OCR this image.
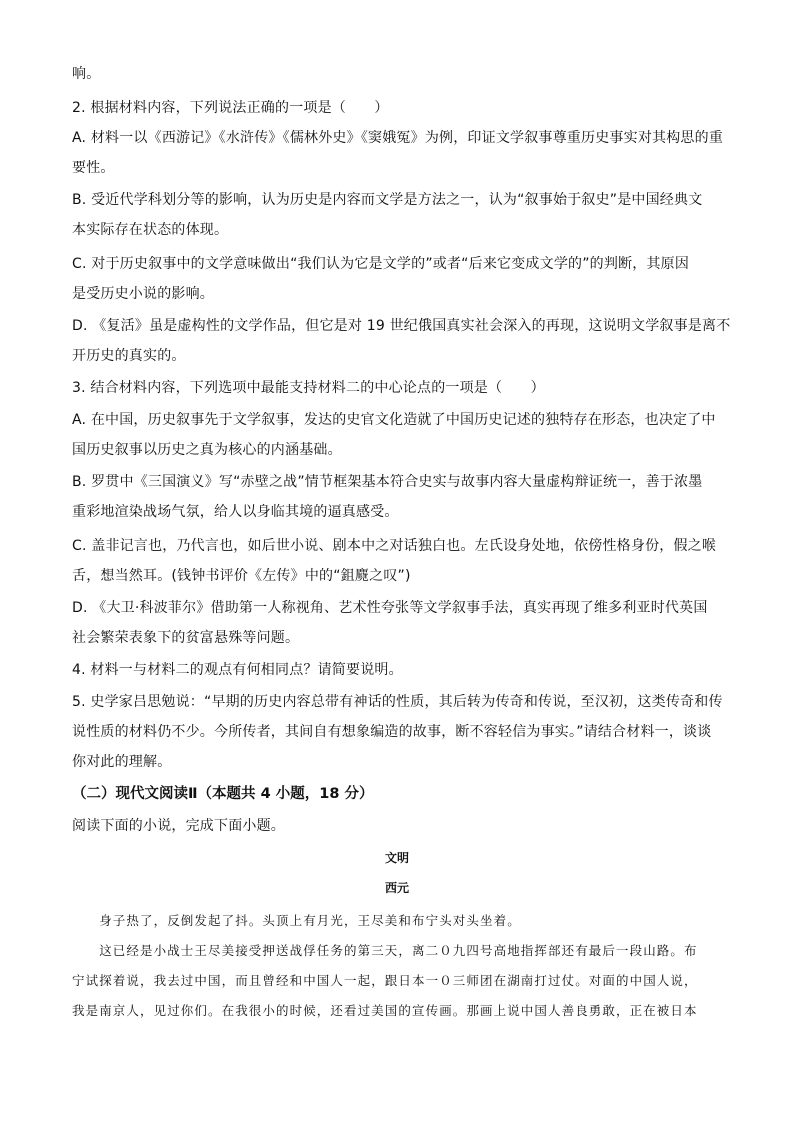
响。
2. 根据材料内容，下列说法正确的一项是（　　）
A. 材料一以《西游记》《水浒传》《儒林外史》《窦娥冤》为例，印证文学叙事尊重历史事实对其构思的重
要性。
B. 受近代学科划分等的影响，认为历史是内容而文学是方法之一，认为“叙事始于叙史”是中国经典文
本实际存在状态的体现。
C. 对于历史叙事中的文学意味做出“我们认为它是文学的”或者“后来它变成文学的”的判断，其原因
是受历史小说的影响。
D. 《复活》虽是虚构性的文学作品，但它是对 19 世纪俄国真实社会深入的再现，这说明文学叙事是离不
开历史的真实的。
3. 结合材料内容，下列选项中最能支持材料二的中心论点的一项是（　　）
A. 在中国，历史叙事先于文学叙事，发达的史官文化造就了中国历史记述的独特存在形态，也决定了中
国历史叙事以历史之真为核心的内涵基础。
B. 罗贯中《三国演义》写“赤壁之战”情节框架基本符合史实与故事内容大量虚构辩证统一，善于浓墨
重彩地渲染战场气氛，给人以身临其境的逼真感受。
C. 盖非记言也，乃代言也，如后世小说、剧本中之对话独白也。左氏设身处地，依傍性格身份，假之喉
舌，想当然耳。(钱钟书评价《左传》中的“鉏麑之叹”)
D. 《大卫·科波菲尔》借助第一人称视角、艺术性夸张等文学叙事手法，真实再现了维多利亚时代英国
社会繁荣表象下的贫富悬殊等问题。
4. 材料一与材料二的观点有何相同点？请简要说明。
5. 史学家吕思勉说：“早期的历史内容总带有神话的性质，其后转为传奇和传说，至汉初，这类传奇和传
说性质的材料仍不少。今所传者，其间自有想象编造的故事，断不容轻信为事实。”请结合材料一，谈谈
你对此的理解。
（二）现代文阅读Ⅱ（本题共 4 小题，18 分）
阅读下面的小说，完成下面小题。
文明
西元
　　身子热了，反倒发起了抖。头顶上有月光，王尽美和布宁头对头坐着。
　　这已经是小战士王尽美接受押送战俘任务的第三天，离二０九四号高地指挥部还有最后一段山路。布
宁试探着说，我去过中国，而且曾经和中国人一起，跟日本一０三师团在湖南打过仗。对面的中国人说，
我是南京人，见过你们。在我很小的时候，还看过美国的宣传画。那画上说中国人善良勇敢，正在被日本
